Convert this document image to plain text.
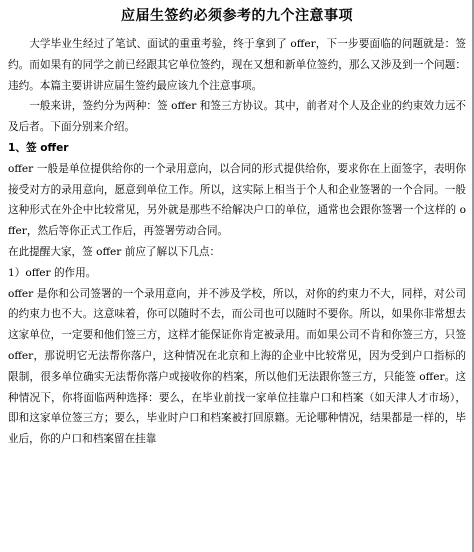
应届生签约必须参考的九个注意事项

大学毕业生经过了笔试、面试的重重考验，终于拿到了 offer，下一步要面临的问题就是：签约。而如果有的同学之前已经跟其它单位签约，现在又想和新单位签约，那么又涉及到一个问题：违约。本篇主要讲讲应届生签约最应该九个注意事项。

一般来讲，签约分为两种：签 offer 和签三方协议。其中，前者对个人及企业的约束效力远不及后者。下面分别来介绍。

1、签 offer

offer 一般是单位提供给你的一个录用意向，以合同的形式提供给你，要求你在上面签字，表明你接受对方的录用意向，愿意到单位工作。所以，这实际上相当于个人和企业签署的一个合同。一般这种形式在外企中比较常见，另外就是那些不给解决户口的单位，通常也会跟你签署一个这样的 offer，然后等你正式工作后，再签署劳动合同。

在此提醒大家，签 offer 前应了解以下几点：

1）offer 的作用。

offer 是你和公司签署的一个录用意向，并不涉及学校，所以，对你的约束力不大，同样，对公司的约束力也不大。这意味着，你可以随时不去，而公司也可以随时不要你。所以，如果你非常想去这家单位，一定要和他们签三方，这样才能保证你肯定被录用。而如果公司不肯和你签三方，只签 offer，那说明它无法帮你落户，这种情况在北京和上海的企业中比较常见，因为受到户口指标的限制，很多单位确实无法帮你落户或接收你的档案，所以他们无法跟你签三方，只能签 offer。这种情况下，你将面临两种选择：要么，在毕业前找一家单位挂靠户口和档案（如天津人才市场），即和这家单位签三方；要么，毕业时户口和档案被打回原籍。无论哪种情况，结果都是一样的，毕业后，你的户口和档案留在挂靠
